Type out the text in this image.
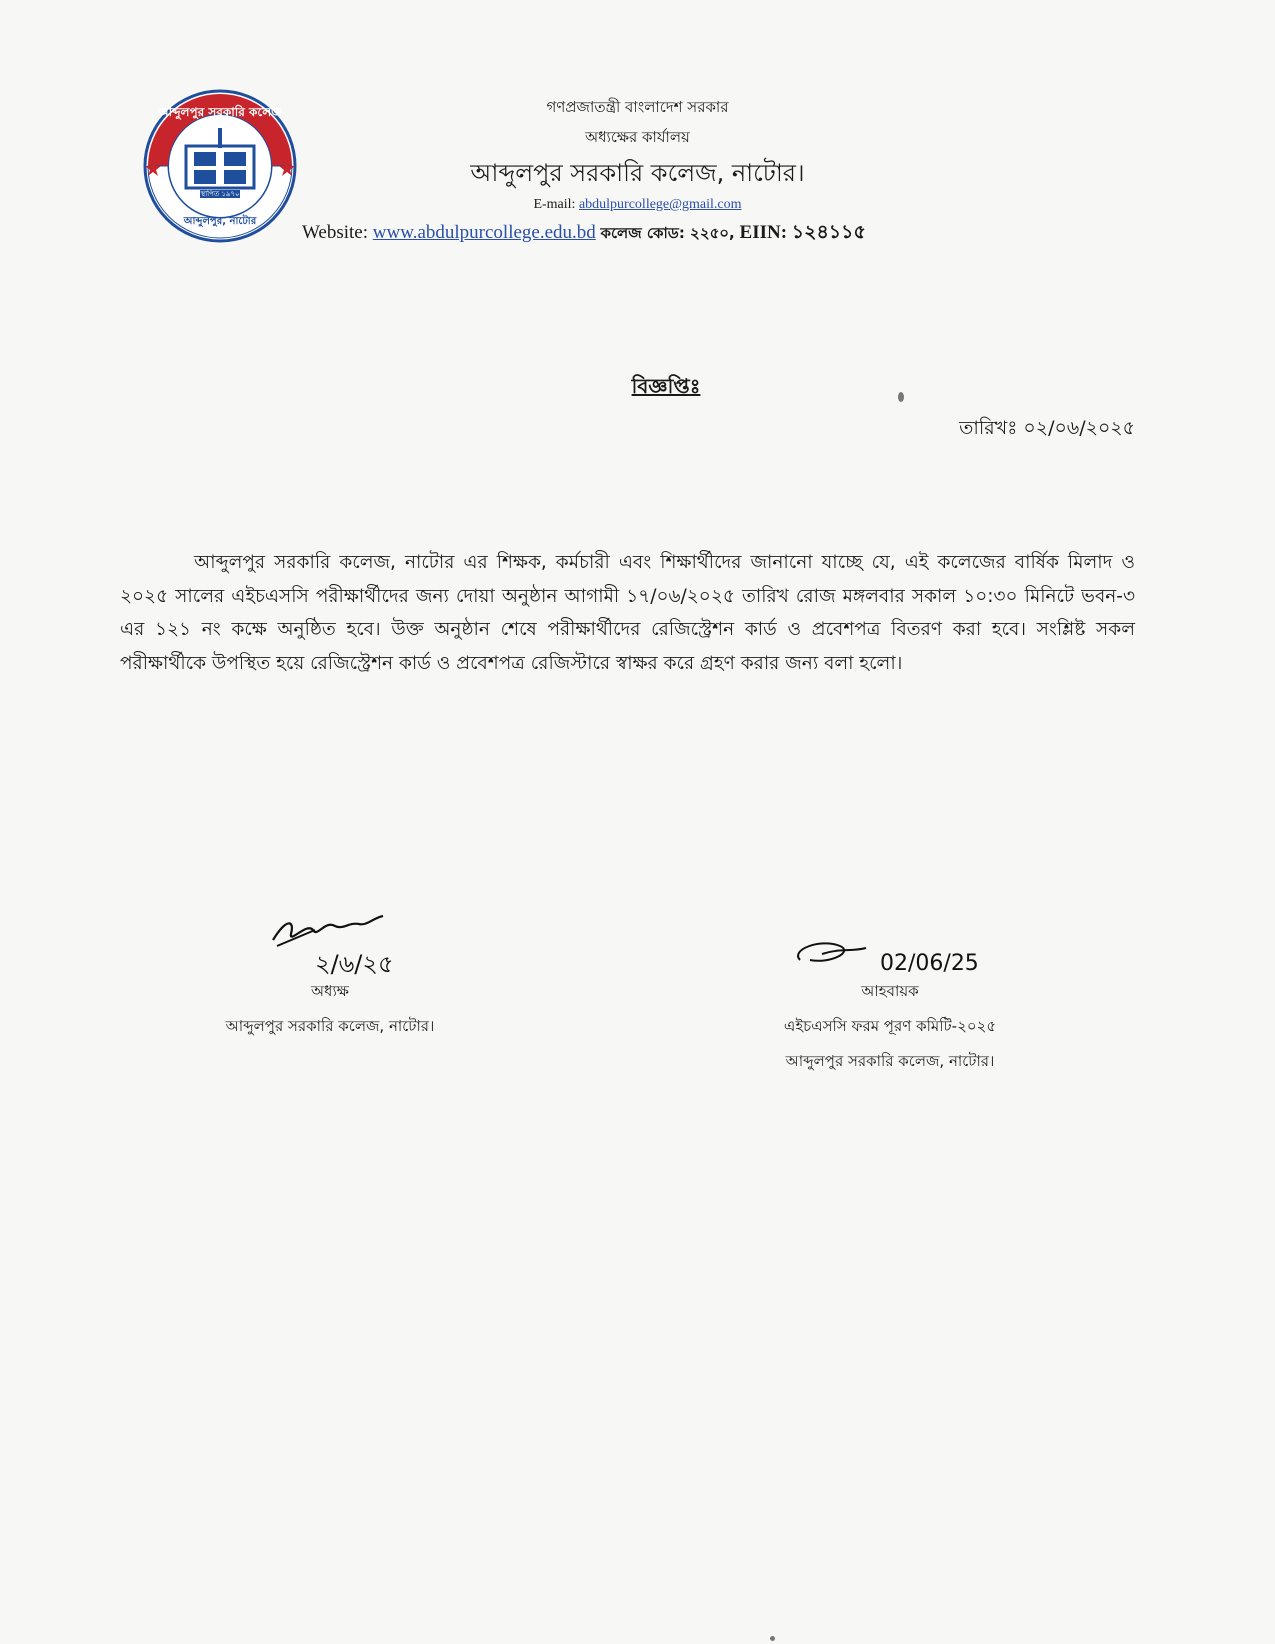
আব্দুলপুর সরকারি কলেজ
স্থাপিত ১৯৭০
আব্দুলপুর, নাটোর
গণপ্রজাতন্ত্রী বাংলাদেশ সরকার
অধ্যক্ষের কার্যালয়
আব্দুলপুর সরকারি কলেজ, নাটোর।
E-mail: abdulpurcollege@gmail.com
Website: www.abdulpurcollege.edu.bd কলেজ কোড: ২২৫০, EIIN: ১২৪১১৫
বিজ্ঞপ্তিঃ
তারিখঃ ০২/০৬/২০২৫
আব্দুলপুর সরকারি কলেজ, নাটোর এর শিক্ষক, কর্মচারী এবং শিক্ষার্থীদের জানানো যাচ্ছে যে, এই কলেজের বার্ষিক মিলাদ ও ২০২৫ সালের এইচএসসি পরীক্ষার্থীদের জন্য দোয়া অনুষ্ঠান আগামী ১৭/০৬/২০২৫ তারিখ রোজ মঙ্গলবার সকাল ১০:৩০ মিনিটে ভবন-৩ এর ১২১ নং কক্ষে অনুষ্ঠিত হবে। উক্ত অনুষ্ঠান শেষে পরীক্ষার্থীদের রেজিস্ট্রেশন কার্ড ও প্রবেশপত্র বিতরণ করা হবে। সংশ্লিষ্ট সকল পরীক্ষার্থীকে উপস্থিত হয়ে রেজিস্ট্রেশন কার্ড ও প্রবেশপত্র রেজিস্টারে স্বাক্ষর করে গ্রহণ করার জন্য বলা হলো।
২/৬/২৫
অধ্যক্ষ
আব্দুলপুর সরকারি কলেজ, নাটোর।
02/06/25
আহবায়ক
এইচএসসি ফরম পূরণ কমিটি-২০২৫
আব্দুলপুর সরকারি কলেজ, নাটোর।
